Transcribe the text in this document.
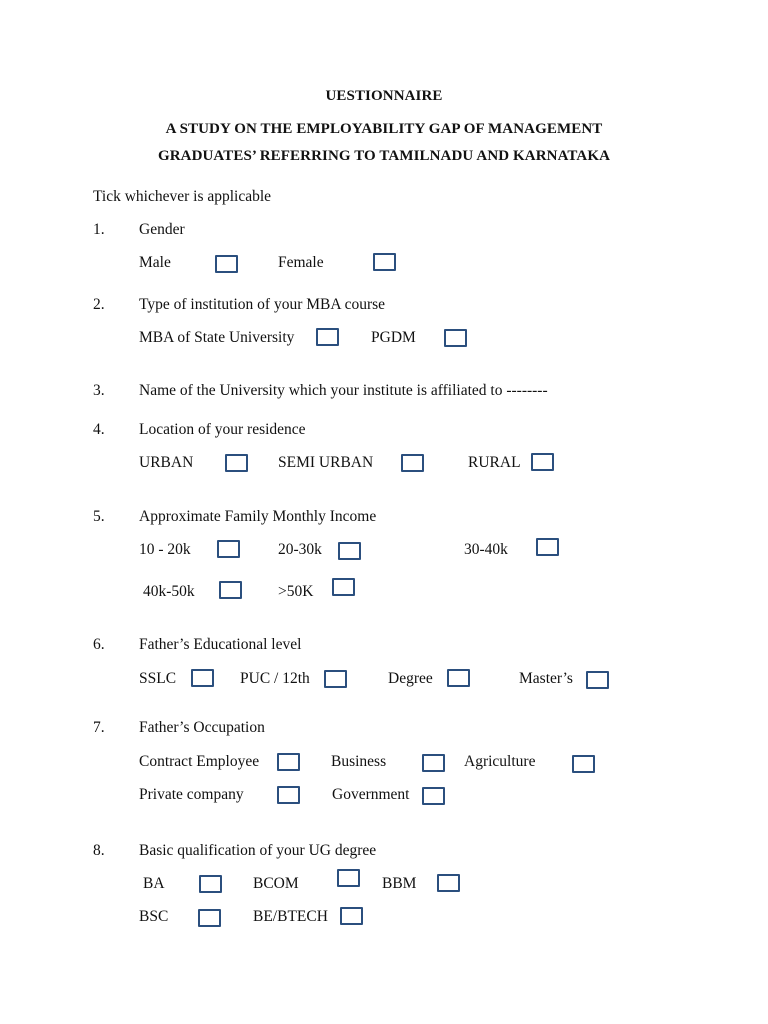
UESTIONNAIRE
A STUDY ON THE EMPLOYABILITY GAP OF MANAGEMENT
GRADUATES’ REFERRING TO TAMILNADU AND KARNATAKA
Tick whichever is applicable
1. Gender
Male	Female
2. Type of institution of your MBA course
MBA of State University	PGDM
3. Name of the University which your institute is affiliated to --------
4. Location of your residence
URBAN	SEMI URBAN	RURAL
5. Approximate Family Monthly Income
10 - 20k	20-30k	30-40k
40k-50k	>50K
6. Father’s Educational level
SSLC	PUC / 12th	Degree	Master’s
7. Father’s Occupation
Contract Employee	Business	Agriculture
Private company	Government
8. Basic qualification of your UG degree
BA	BCOM	BBM
BSC	BE/BTECH
